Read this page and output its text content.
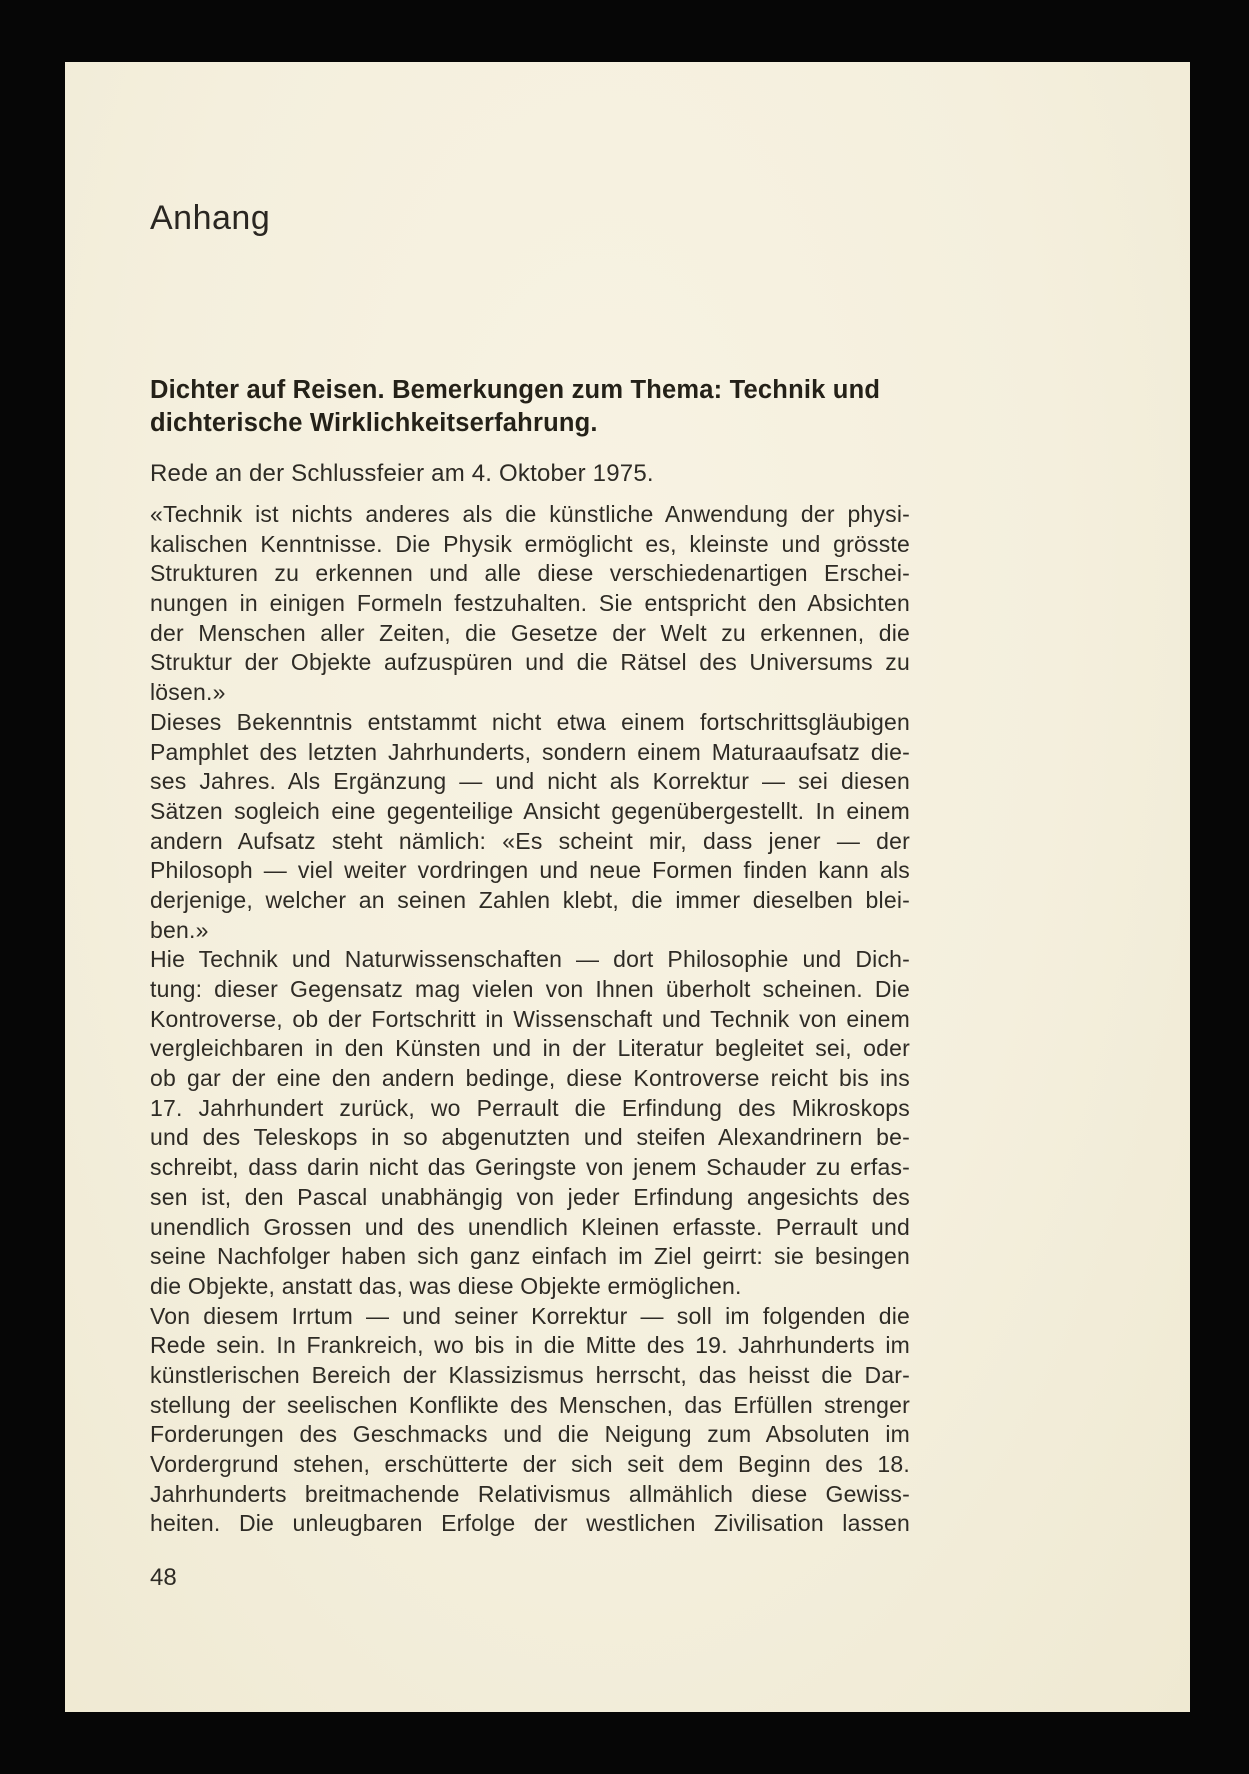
Anhang
Dichter auf Reisen. Bemerkungen zum Thema: Technik und
dichterische Wirklichkeitserfahrung.
Rede an der Schlussfeier am 4. Oktober 1975.
«Technik ist nichts anderes als die künstliche Anwendung der physi-
kalischen Kenntnisse. Die Physik ermöglicht es, kleinste und grösste
Strukturen zu erkennen und alle diese verschiedenartigen Erschei-
nungen in einigen Formeln festzuhalten. Sie entspricht den Absichten
der Menschen aller Zeiten, die Gesetze der Welt zu erkennen, die
Struktur der Objekte aufzuspüren und die Rätsel des Universums zu
lösen.»
Dieses Bekenntnis entstammt nicht etwa einem fortschrittsgläubigen
Pamphlet des letzten Jahrhunderts, sondern einem Maturaaufsatz die-
ses Jahres. Als Ergänzung — und nicht als Korrektur — sei diesen
Sätzen sogleich eine gegenteilige Ansicht gegenübergestellt. In einem
andern Aufsatz steht nämlich: «Es scheint mir, dass jener — der
Philosoph — viel weiter vordringen und neue Formen finden kann als
derjenige, welcher an seinen Zahlen klebt, die immer dieselben blei-
ben.»
Hie Technik und Naturwissenschaften — dort Philosophie und Dich-
tung: dieser Gegensatz mag vielen von Ihnen überholt scheinen. Die
Kontroverse, ob der Fortschritt in Wissenschaft und Technik von einem
vergleichbaren in den Künsten und in der Literatur begleitet sei, oder
ob gar der eine den andern bedinge, diese Kontroverse reicht bis ins
17. Jahrhundert zurück, wo Perrault die Erfindung des Mikroskops
und des Teleskops in so abgenutzten und steifen Alexandrinern be-
schreibt, dass darin nicht das Geringste von jenem Schauder zu erfas-
sen ist, den Pascal unabhängig von jeder Erfindung angesichts des
unendlich Grossen und des unendlich Kleinen erfasste. Perrault und
seine Nachfolger haben sich ganz einfach im Ziel geirrt: sie besingen
die Objekte, anstatt das, was diese Objekte ermöglichen.
Von diesem Irrtum — und seiner Korrektur — soll im folgenden die
Rede sein. In Frankreich, wo bis in die Mitte des 19. Jahrhunderts im
künstlerischen Bereich der Klassizismus herrscht, das heisst die Dar-
stellung der seelischen Konflikte des Menschen, das Erfüllen strenger
Forderungen des Geschmacks und die Neigung zum Absoluten im
Vordergrund stehen, erschütterte der sich seit dem Beginn des 18.
Jahrhunderts breitmachende Relativismus allmählich diese Gewiss-
heiten. Die unleugbaren Erfolge der westlichen Zivilisation lassen
48
